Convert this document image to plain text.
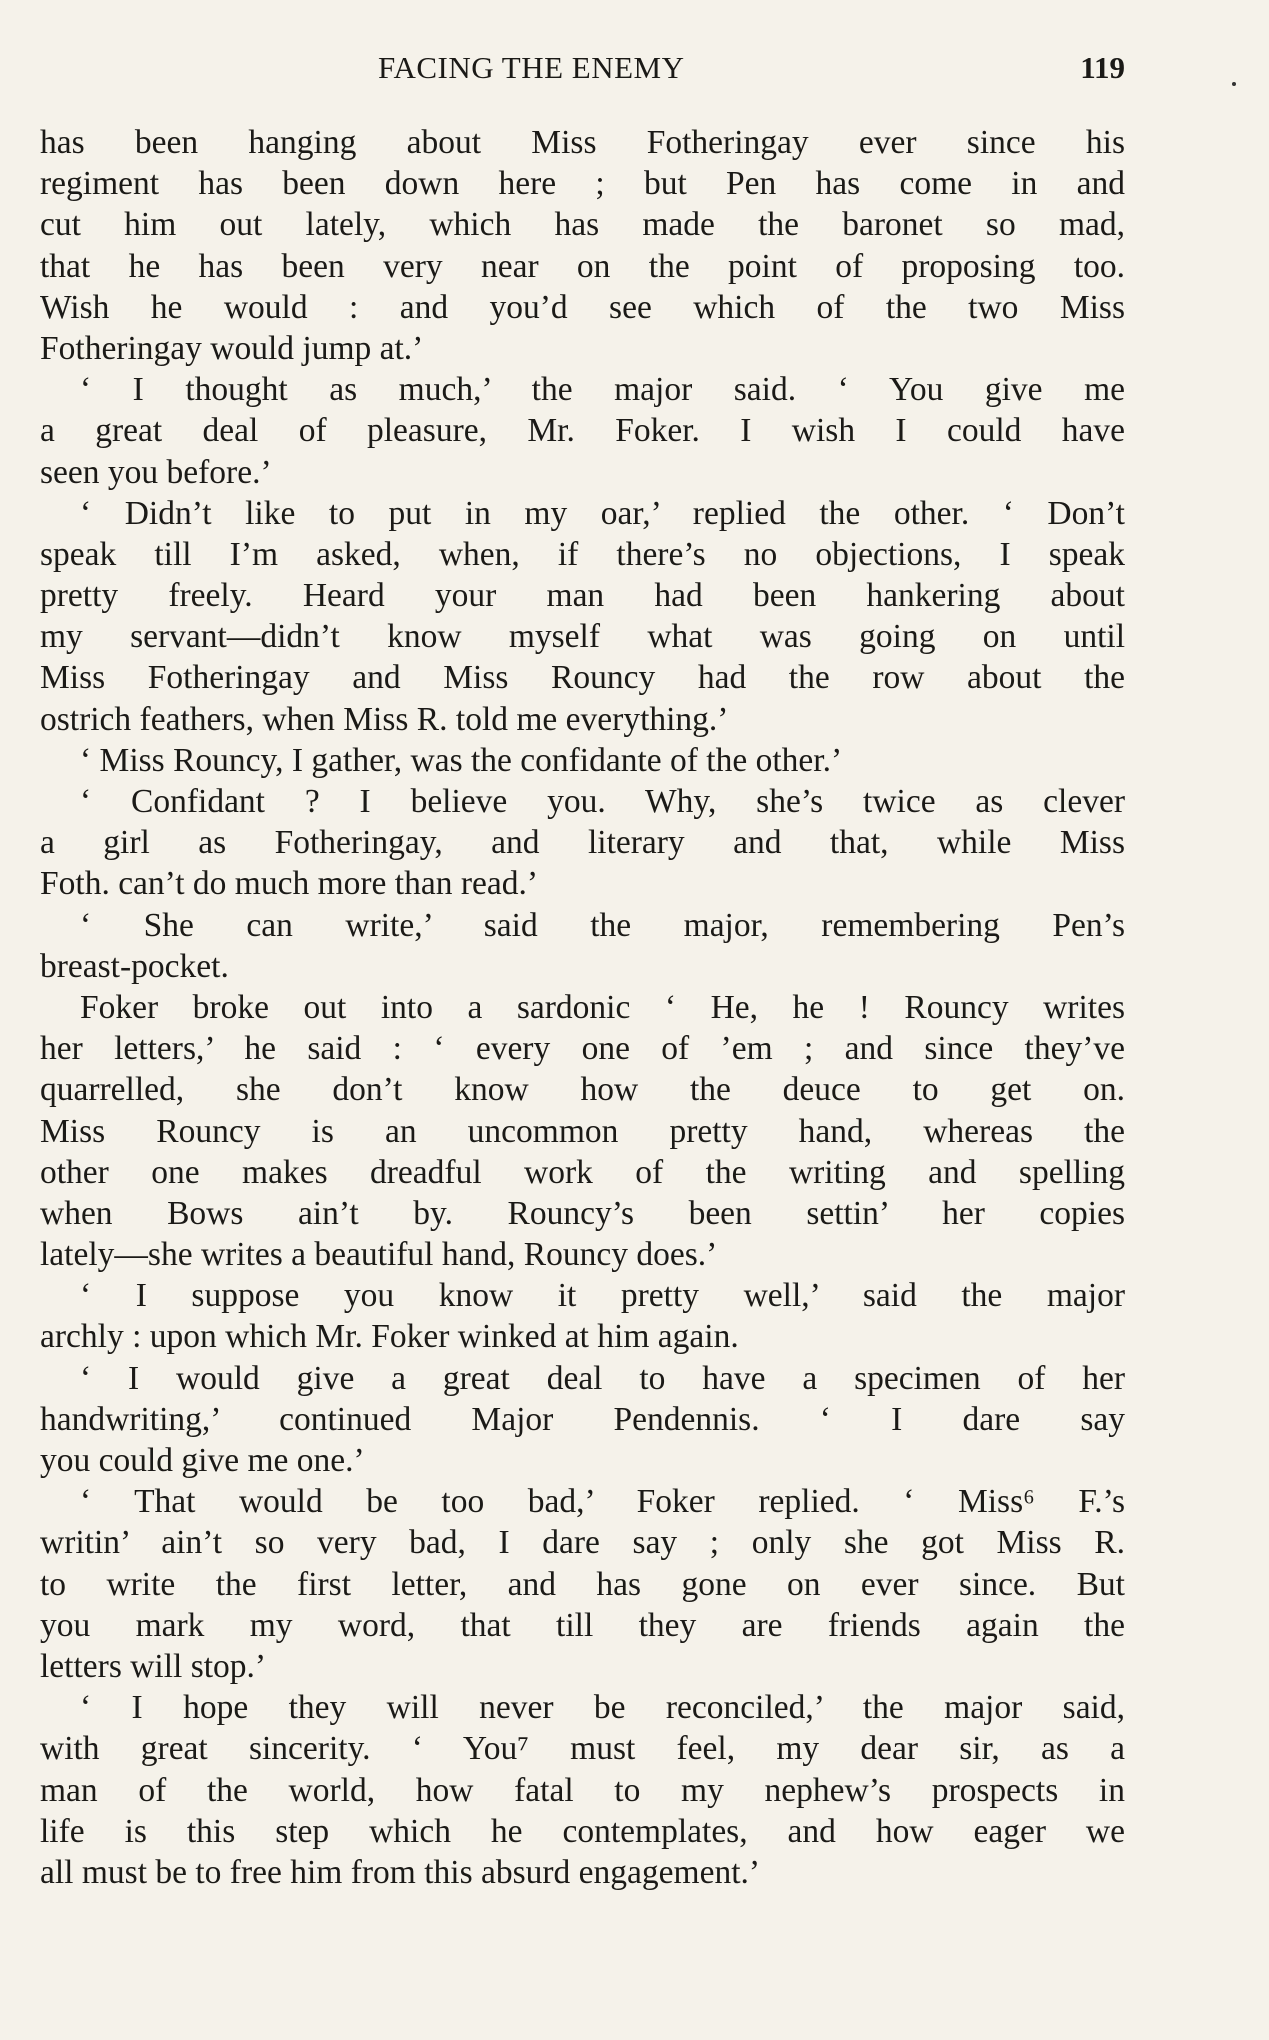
FACING THE ENEMY	119
has been hanging about Miss Fotheringay ever since his
regiment has been down here ; but Pen has come in and
cut him out lately, which has made the baronet so mad,
that he has been very near on the point of proposing too.
Wish he would : and you’d see which of the two Miss
Fotheringay would jump at.’
‘ I thought as much,’ the major said. ‘ You give me
a great deal of pleasure, Mr. Foker. I wish I could have
seen you before.’
‘ Didn’t like to put in my oar,’ replied the other. ‘ Don’t
speak till I’m asked, when, if there’s no objections, I speak
pretty freely. Heard your man had been hankering about
my servant—didn’t know myself what was going on until
Miss Fotheringay and Miss Rouncy had the row about the
ostrich feathers, when Miss R. told me everything.’
‘ Miss Rouncy, I gather, was the confidante of the other.’
‘ Confidant ? I believe you. Why, she’s twice as clever
a girl as Fotheringay, and literary and that, while Miss
Foth. can’t do much more than read.’
‘ She can write,’ said the major, remembering Pen’s
breast-pocket.
Foker broke out into a sardonic ‘ He, he ! Rouncy writes
her letters,’ he said : ‘ every one of ’em ; and since they’ve
quarrelled, she don’t know how the deuce to get on.
Miss Rouncy is an uncommon pretty hand, whereas the
other one makes dreadful work of the writing and spelling
when Bows ain’t by. Rouncy’s been settin’ her copies
lately—she writes a beautiful hand, Rouncy does.’
‘ I suppose you know it pretty well,’ said the major
archly : upon which Mr. Foker winked at him again.
‘ I would give a great deal to have a specimen of her
handwriting,’ continued Major Pendennis. ‘ I dare say
you could give me one.’
‘ That would be too bad,’ Foker replied. ‘ Miss⁶ F.’s
writin’ ain’t so very bad, I dare say ; only she got Miss R.
to write the first letter, and has gone on ever since. But
you mark my word, that till they are friends again the
letters will stop.’
‘ I hope they will never be reconciled,’ the major said,
with great sincerity. ‘ You⁷ must feel, my dear sir, as a
man of the world, how fatal to my nephew’s prospects in
life is this step which he contemplates, and how eager we
all must be to free him from this absurd engagement.’
